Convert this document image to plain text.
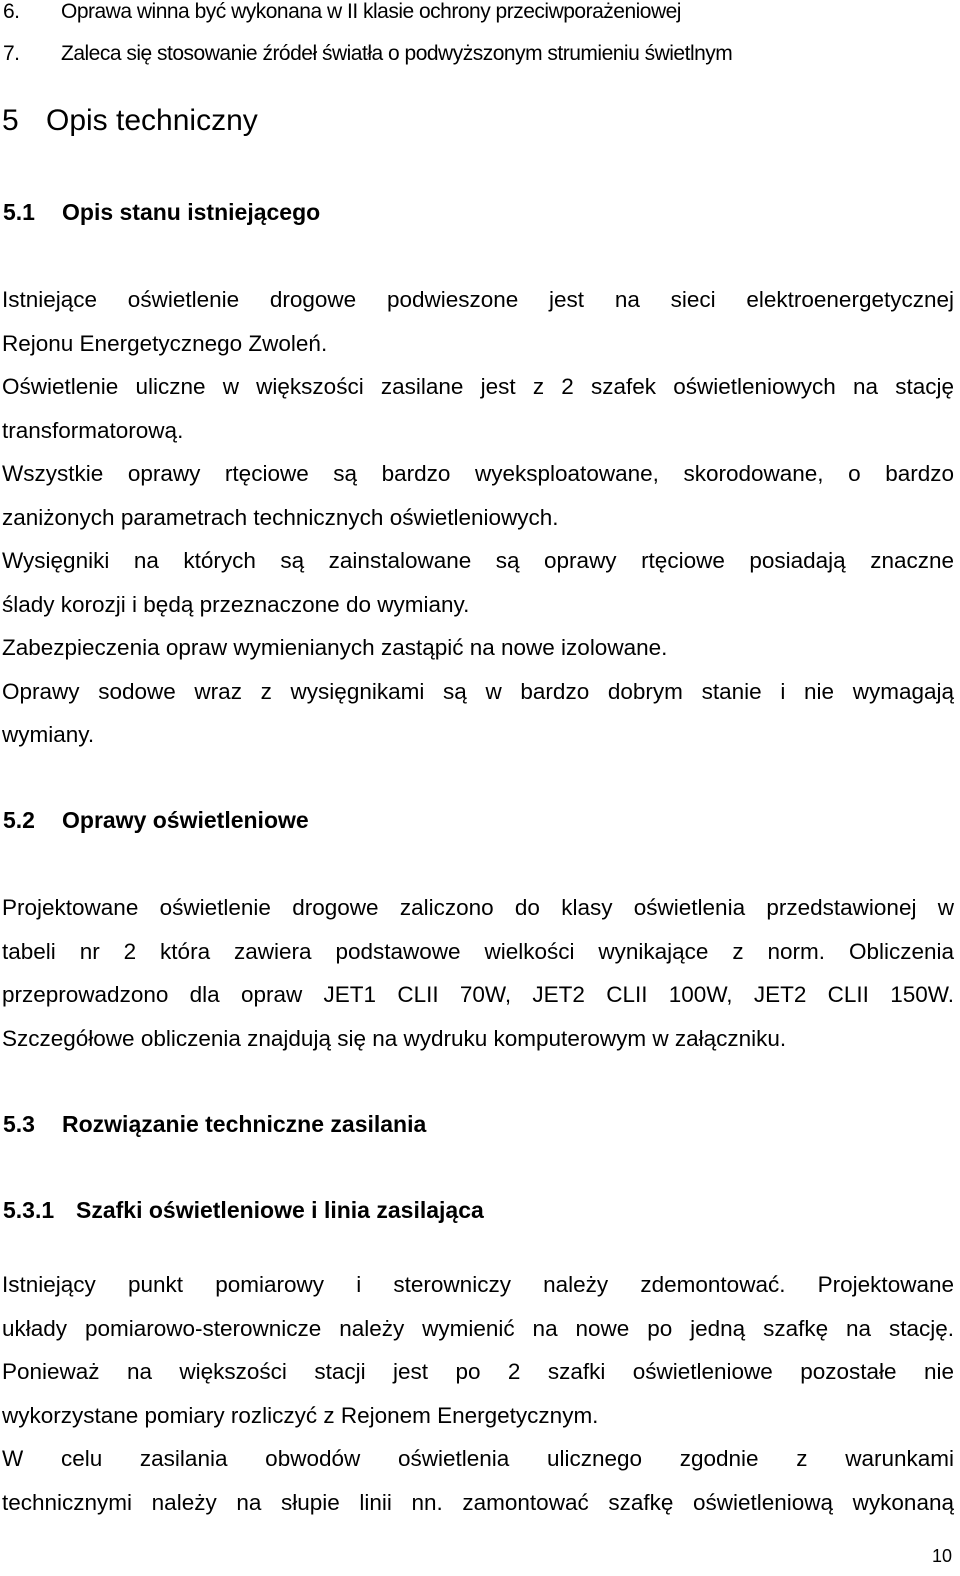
6. Oprawa winna być wykonana w II klasie ochrony przeciwporażeniowej
7. Zaleca się stosowanie źródeł światła o podwyższonym strumieniu świetlnym
5 Opis techniczny
5.1 Opis stanu istniejącego
Istniejące oświetlenie drogowe podwieszone jest na sieci elektroenergetycznej
Rejonu Energetycznego Zwoleń.
Oświetlenie uliczne w większości zasilane jest z 2 szafek oświetleniowych na stację
transformatorową.
Wszystkie oprawy rtęciowe są bardzo wyeksploatowane, skorodowane, o bardzo
zaniżonych parametrach technicznych oświetleniowych.
Wysięgniki na których są zainstalowane są oprawy rtęciowe posiadają znaczne
ślady korozji i będą przeznaczone do wymiany.
Zabezpieczenia opraw wymienianych zastąpić na nowe izolowane.
Oprawy sodowe wraz z wysięgnikami są w bardzo dobrym stanie i nie wymagają
wymiany.
5.2 Oprawy oświetleniowe
Projektowane oświetlenie drogowe zaliczono do klasy oświetlenia przedstawionej w
tabeli nr 2 która zawiera podstawowe wielkości wynikające z norm. Obliczenia
przeprowadzono dla opraw JET1 CLII 70W, JET2 CLII 100W, JET2 CLII 150W.
Szczegółowe obliczenia znajdują się na wydruku komputerowym w załączniku.
5.3 Rozwiązanie techniczne zasilania
5.3.1 Szafki oświetleniowe i linia zasilająca
Istniejący punkt pomiarowy i sterowniczy należy zdemontować. Projektowane
układy pomiarowo-sterownicze należy wymienić na nowe po jedną szafkę na stację.
Ponieważ na większości stacji jest po 2 szafki oświetleniowe pozostałe nie
wykorzystane pomiary rozliczyć z Rejonem Energetycznym.
W celu zasilania obwodów oświetlenia ulicznego zgodnie z warunkami
technicznymi należy na słupie linii nn. zamontować szafkę oświetleniową wykonaną
10
